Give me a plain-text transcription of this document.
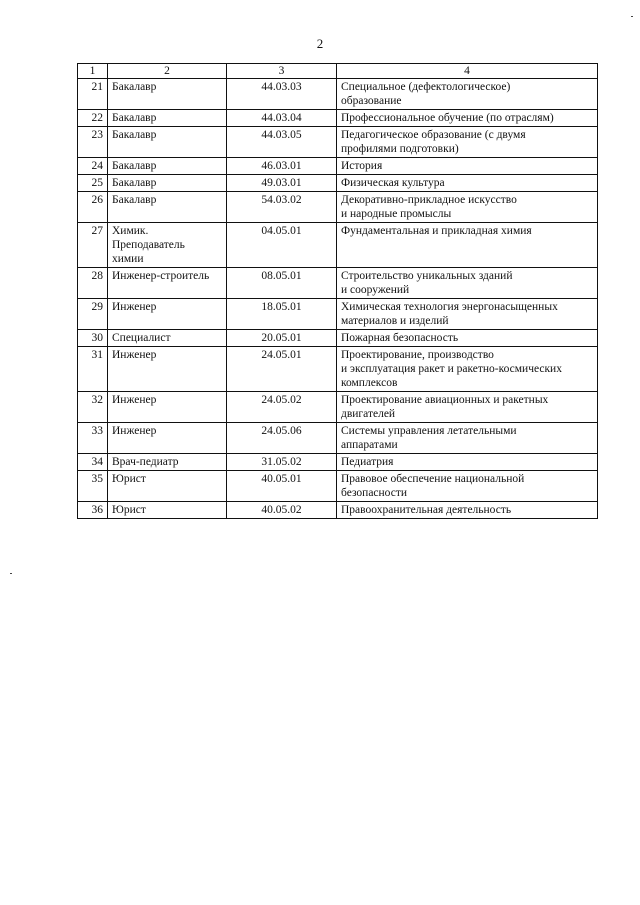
2
1	2	3	4
21	Бакалавр	44.03.03	Специальное (дефектологическое)
образование
22	Бакалавр	44.03.04	Профессиональное обучение (по отраслям)
23	Бакалавр	44.03.05	Педагогическое образование (с двумя
профилями подготовки)
24	Бакалавр	46.03.01	История
25	Бакалавр	49.03.01	Физическая культура
26	Бакалавр	54.03.02	Декоративно-прикладное искусство
и народные промыслы
27	Химик.
Преподаватель
химии	04.05.01	Фундаментальная и прикладная химия
28	Инженер-строитель	08.05.01	Строительство уникальных зданий
и сооружений
29	Инженер	18.05.01	Химическая технология энергонасыщенных
материалов и изделий
30	Специалист	20.05.01	Пожарная безопасность
31	Инженер	24.05.01	Проектирование, производство
и эксплуатация ракет и ракетно-космических
комплексов
32	Инженер	24.05.02	Проектирование авиационных и ракетных
двигателей
33	Инженер	24.05.06	Системы управления летательными
аппаратами
34	Врач-педиатр	31.05.02	Педиатрия
35	Юрист	40.05.01	Правовое обеспечение национальной
безопасности
36	Юрист	40.05.02	Правоохранительная деятельность
